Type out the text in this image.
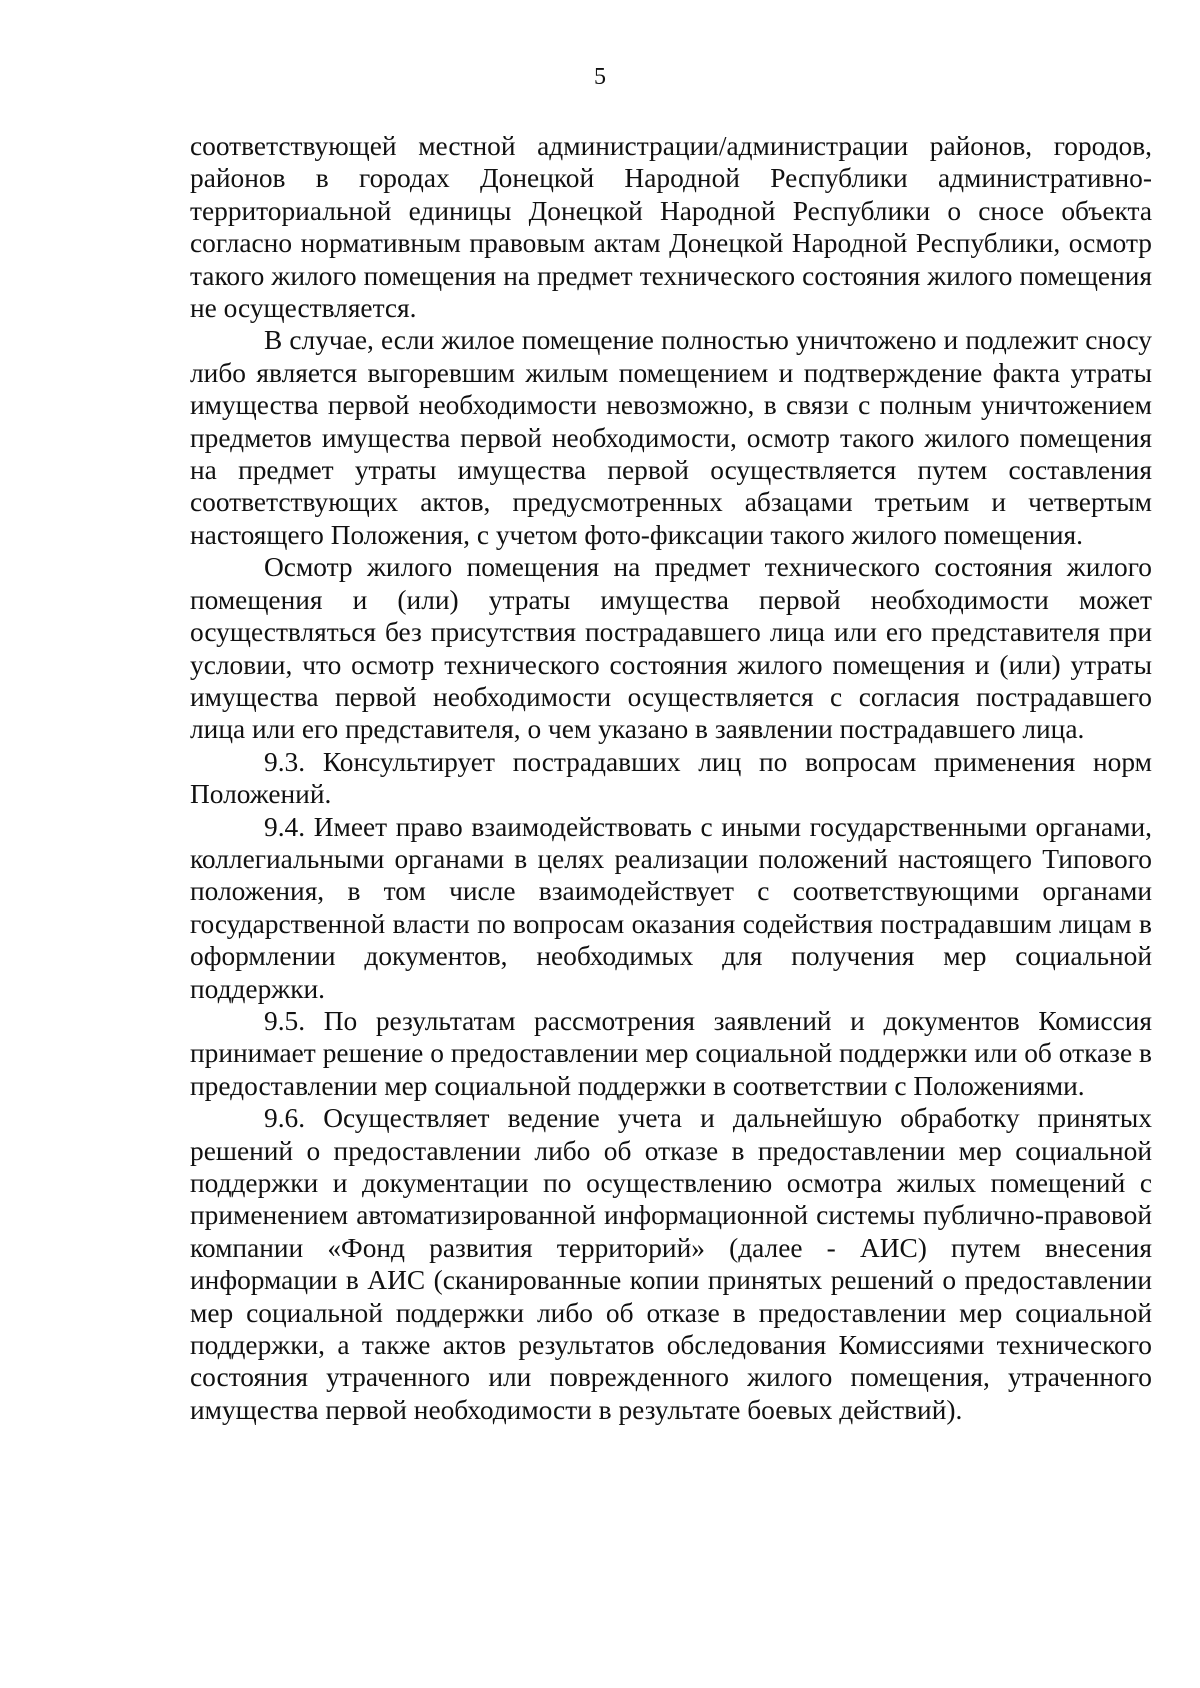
5

соответствующей местной администрации/администрации районов, городов, районов в городах Донецкой Народной Республики административно-территориальной единицы Донецкой Народной Республики о сносе объекта согласно нормативным правовым актам Донецкой Народной Республики, осмотр такого жилого помещения на предмет технического состояния жилого помещения не осуществляется.

В случае, если жилое помещение полностью уничтожено и подлежит сносу либо является выгоревшим жилым помещением и подтверждение факта утраты имущества первой необходимости невозможно, в связи с полным уничтожением предметов имущества первой необходимости, осмотр такого жилого помещения на предмет утраты имущества первой осуществляется путем составления соответствующих актов, предусмотренных абзацами третьим и четвертым настоящего Положения, с учетом фото-фиксации такого жилого помещения.

Осмотр жилого помещения на предмет технического состояния жилого помещения и (или) утраты имущества первой необходимости может осуществляться без присутствия пострадавшего лица или его представителя при условии, что осмотр технического состояния жилого помещения и (или) утраты имущества первой необходимости осуществляется с согласия пострадавшего лица или его представителя, о чем указано в заявлении пострадавшего лица.

9.3. Консультирует пострадавших лиц по вопросам применения норм Положений.

9.4. Имеет право взаимодействовать с иными государственными органами, коллегиальными органами в целях реализации положений настоящего Типового положения, в том числе взаимодействует с соответствующими органами государственной власти по вопросам оказания содействия пострадавшим лицам в оформлении документов, необходимых для получения мер социальной поддержки.

9.5. По результатам рассмотрения заявлений и документов Комиссия принимает решение о предоставлении мер социальной поддержки или об отказе в предоставлении мер социальной поддержки в соответствии с Положениями.

9.6. Осуществляет ведение учета и дальнейшую обработку принятых решений о предоставлении либо об отказе в предоставлении мер социальной поддержки и документации по осуществлению осмотра жилых помещений с применением автоматизированной информационной системы публично-правовой компании «Фонд развития территорий» (далее - АИС) путем внесения информации в АИС (сканированные копии принятых решений о предоставлении мер социальной поддержки либо об отказе в предоставлении мер социальной поддержки, а также актов результатов обследования Комиссиями технического состояния утраченного или поврежденного жилого помещения, утраченного имущества первой необходимости в результате боевых действий).
